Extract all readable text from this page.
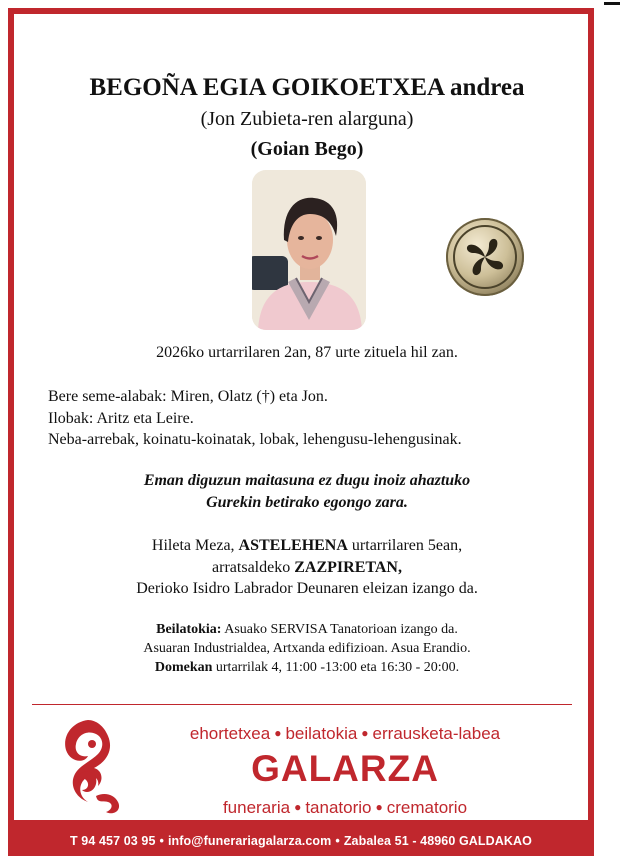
BEGOÑA EGIA GOIKOETXEA andrea
(Jon Zubieta-ren alarguna)
(Goian Bego)
2026ko urtarrilaren 2an, 87 urte zituela hil zan.
Bere seme-alabak: Miren, Olatz (†) eta Jon.
Ilobak: Aritz eta Leire.
Neba-arrebak, koinatu-koinatak, lobak, lehengusu-lehengusinak.
Eman diguzun maitasuna ez dugu inoiz ahaztuko
Gurekin betirako egongo zara.
Hileta Meza, ASTELEHENA urtarrilaren 5ean,
arratsaldeko ZAZPIRETAN,
Derioko Isidro Labrador Deunaren eleizan izango da.
Beilatokia: Asuako SERVISA Tanatorioan izango da.
Asuaran Industrialdea, Artxanda edifizioan. Asua Erandio.
Domekan urtarrilak 4, 11:00 -13:00 eta 16:30 - 20:00.
ehortetxea ● beilatokia ● errausketa-labea
GALARZA
funeraria ● tanatorio ● crematorio
T 94 457 03 95 • info@funerariagalarza.com • Zabalea 51 - 48960 GALDAKAO
